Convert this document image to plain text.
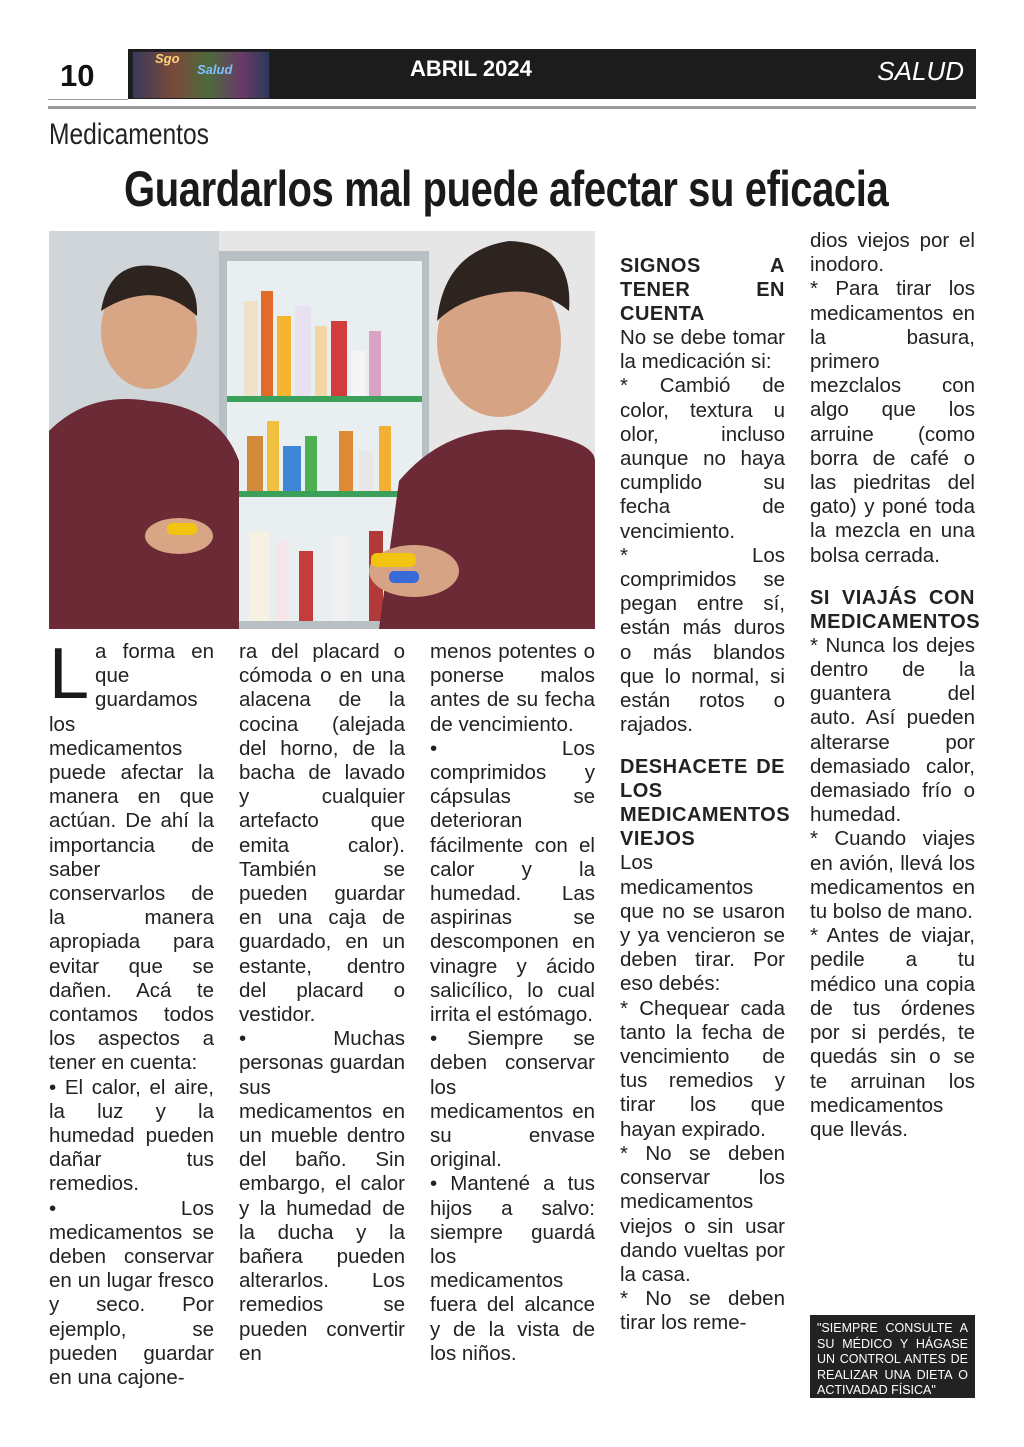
10	Sgo
Salud	ABRIL 2024	SALUD
Medicamentos
Guardarlos mal puede afectar su eficacia

La forma en que guardamos los medicamentos puede afectar la manera en que actúan. De ahí la importancia de saber conservarlos de la manera apropiada para evitar que se dañen. Acá te contamos todos los aspectos a tener en cuenta:

• El calor, el aire, la luz y la humedad pueden dañar tus remedios.

• Los medicamentos se deben conservar en un lugar fresco y seco. Por ejemplo, se pueden guardar en una cajone-

ra del placard o cómoda o en una alacena de la cocina (alejada del horno, de la bacha de lavado y cualquier artefacto que emita calor). También se pueden guardar en una caja de guardado, en un estante, dentro del placard o vestidor.

• Muchas personas guardan sus medicamentos en un mueble dentro del baño. Sin embargo, el calor y la humedad de la ducha y la bañera pueden alterarlos. Los remedios se pueden convertir en

menos potentes o ponerse malos antes de su fecha de vencimiento.

• Los comprimidos y cápsulas se deterioran fácilmente con el calor y la humedad. Las aspirinas se descomponen en vinagre y ácido salicílico, lo cual irrita el estómago.

• Siempre se deben conservar los medicamentos en su envase original.

• Mantené a tus hijos a salvo: siempre guardá los medicamentos fuera del alcance y de la vista de los niños.

SIGNOS A TENER EN CUENTA

No se debe tomar la medicación si:

* Cambió de color, textura u olor, incluso aunque no haya cumplido su fecha de vencimiento.

* Los comprimidos se pegan entre sí, están más duros o más blandos que lo normal, si están rotos o rajados.

DESHACETE DE LOS MEDICAMENTOS VIEJOS

Los medicamentos que no se usaron y ya vencieron se deben tirar. Por eso debés:

* Chequear cada tanto la fecha de vencimiento de tus remedios y tirar los que hayan expirado.

* No se deben conservar los medicamentos viejos o sin usar dando vueltas por la casa.

* No se deben tirar los reme-

dios viejos por el inodoro.

* Para tirar los medicamentos en la basura, primero mezclalos con algo que los arruine (como borra de café o las piedritas del gato) y poné toda la mezcla en una bolsa cerrada.

SI VIAJÁS CON MEDICAMENTOS

* Nunca los dejes dentro de la guantera del auto. Así pueden alterarse por demasiado calor, demasiado frío o humedad.

* Cuando viajes en avión, llevá los medicamentos en tu bolso de mano.

* Antes de viajar, pedile a tu médico una copia de tus órdenes por si perdés, te quedás sin o se te arruinan los medicamentos que llevás.

"SIEMPRE CONSULTE A SU MÉDICO Y HÁGASE UN CONTROL ANTES DE REALIZAR UNA DIETA O ACTIVADAD FÍSICA"
